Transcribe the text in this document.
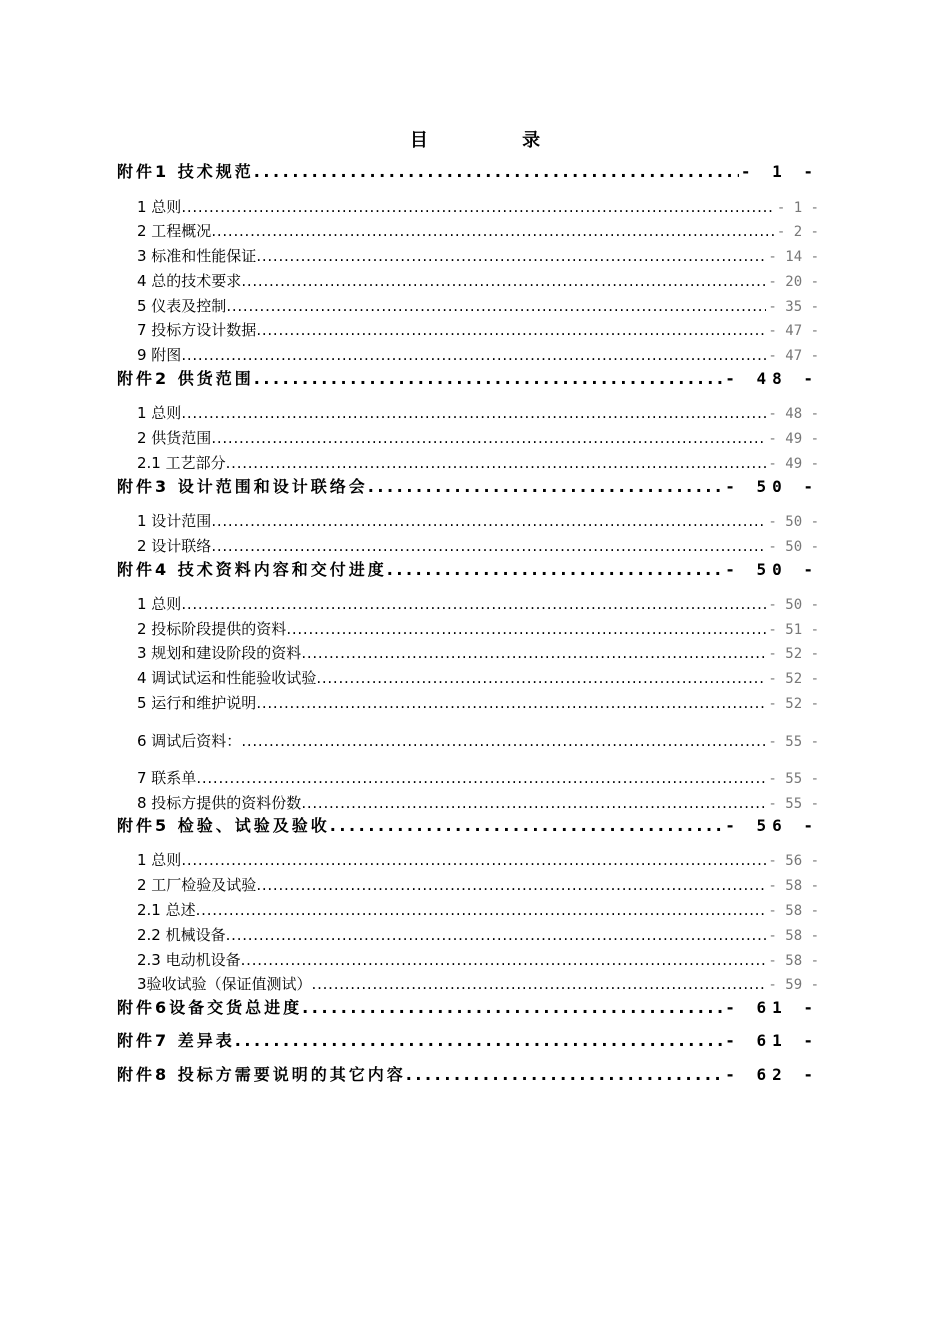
目 录
附件1 技术规范 . . .	- 1 -
1 总则 . . .	- 1 -
2 工程概况 . . .	- 2 -
3 标准和性能保证 . . .	- 14 -
4 总的技术要求 . . .	- 20 -
5 仪表及控制 . . .	- 35 -
7 投标方设计数据 . . .	- 47 -
9 附图 . . .	- 47 -
附件2 供货范围 . . .	- 48 -
1 总则 . . .	- 48 -
2 供货范围 . . .	- 49 -
2.1 工艺部分 . . .	- 49 -
附件3 设计范围和设计联络会 . . .	- 50 -
1 设计范围 . . .	- 50 -
2 设计联络 . . .	- 50 -
附件4 技术资料内容和交付进度 . . .	- 50 -
1 总则 . . .	- 50 -
2 投标阶段提供的资料 . . .	- 51 -
3 规划和建设阶段的资料 . . .	- 52 -
4 调试试运和性能验收试验 . . .	- 52 -
5 运行和维护说明 . . .	- 52 -
6 调试后资料： . . .	- 55 -
7 联系单 . . .	- 55 -
8 投标方提供的资料份数 . . .	- 55 -
附件5 检验、试验及验收 . . .	- 56 -
1 总则 . . .	- 56 -
2 工厂检验及试验 . . .	- 58 -
2.1 总述 . . .	- 58 -
2.2 机械设备 . . .	- 58 -
2.3 电动机设备 . . .	- 58 -
3验收试验（保证值测试） . . .	- 59 -
附件6设备交货总进度 . . .	- 61 -
附件7 差异表 . . .	- 61 -
附件8 投标方需要说明的其它内容 . . .	- 62 -
